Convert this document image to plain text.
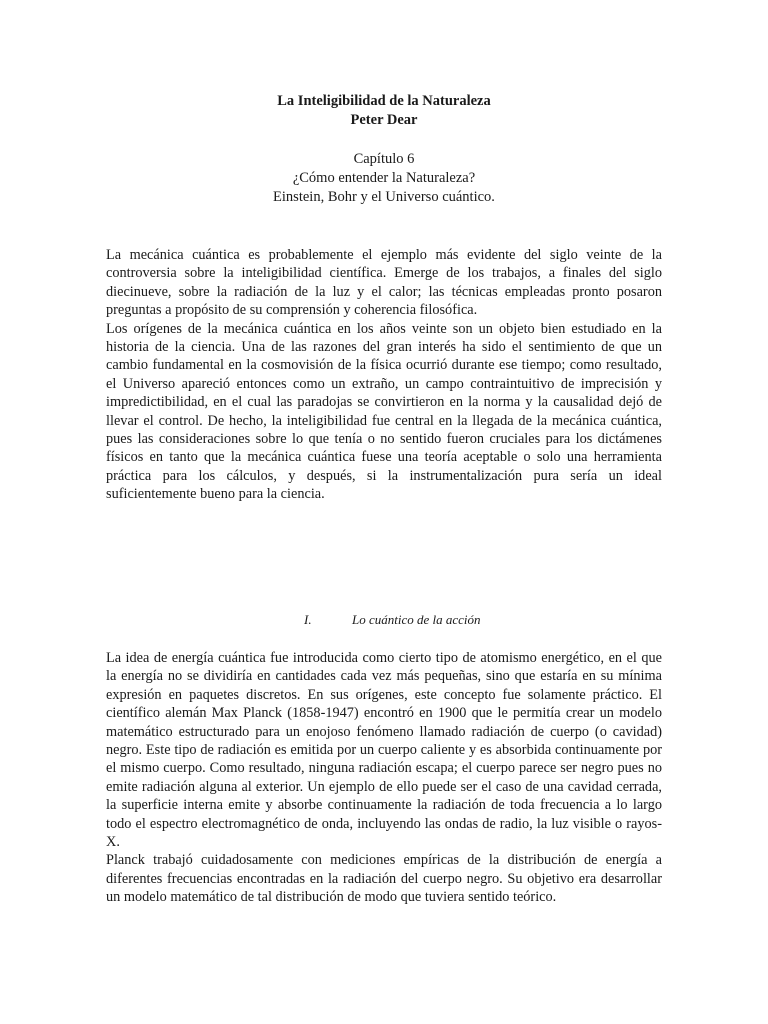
La Inteligibilidad de la Naturaleza
Peter Dear
Capítulo 6
¿Cómo entender la Naturaleza?
Einstein, Bohr y el Universo cuántico.

La mecánica cuántica es probablemente el ejemplo más evidente del siglo veinte de la controversia sobre la inteligibilidad científica. Emerge de los trabajos, a finales del siglo diecinueve, sobre la radiación de la luz y el calor; las técnicas empleadas pronto posaron preguntas a propósito de su comprensión y coherencia filosófica.

Los orígenes de la mecánica cuántica en los años veinte son un objeto bien estudiado en la historia de la ciencia. Una de las razones del gran interés ha sido el sentimiento de que un cambio fundamental en la cosmovisión de la física ocurrió durante ese tiempo; como resultado, el Universo apareció entonces como un extraño, un campo contraintuitivo de imprecisión y impredictibilidad, en el cual las paradojas se convirtieron en la norma y la causalidad dejó de llevar el control. De hecho, la inteligibilidad fue central en la llegada de la mecánica cuántica, pues las consideraciones sobre lo que tenía o no sentido fueron cruciales para los dictámenes físicos en tanto que la mecánica cuántica fuese una teoría aceptable o solo una herramienta práctica para los cálculos, y después, si la instrumentalización pura sería un ideal suficientemente bueno para la ciencia.

I.	Lo cuántico de la acción

La idea de energía cuántica fue introducida como cierto tipo de atomismo energético, en el que la energía no se dividiría en cantidades cada vez más pequeñas, sino que estaría en su mínima expresión en paquetes discretos. En sus orígenes, este concepto fue solamente práctico. El científico alemán Max Planck (1858-1947) encontró en 1900 que le permitía crear un modelo matemático estructurado para un enojoso fenómeno llamado radiación de cuerpo (o cavidad) negro. Este tipo de radiación es emitida por un cuerpo caliente y es absorbida continuamente por el mismo cuerpo. Como resultado, ninguna radiación escapa; el cuerpo parece ser negro pues no emite radiación alguna al exterior. Un ejemplo de ello puede ser el caso de una cavidad cerrada, la superficie interna emite y absorbe continuamente la radiación de toda frecuencia a lo largo todo el espectro electromagnético de onda, incluyendo las ondas de radio, la luz visible o rayos-X.

Planck trabajó cuidadosamente con mediciones empíricas de la distribución de energía a diferentes frecuencias encontradas en la radiación del cuerpo negro. Su objetivo era desarrollar un modelo matemático de tal distribución de modo que tuviera sentido teórico.
